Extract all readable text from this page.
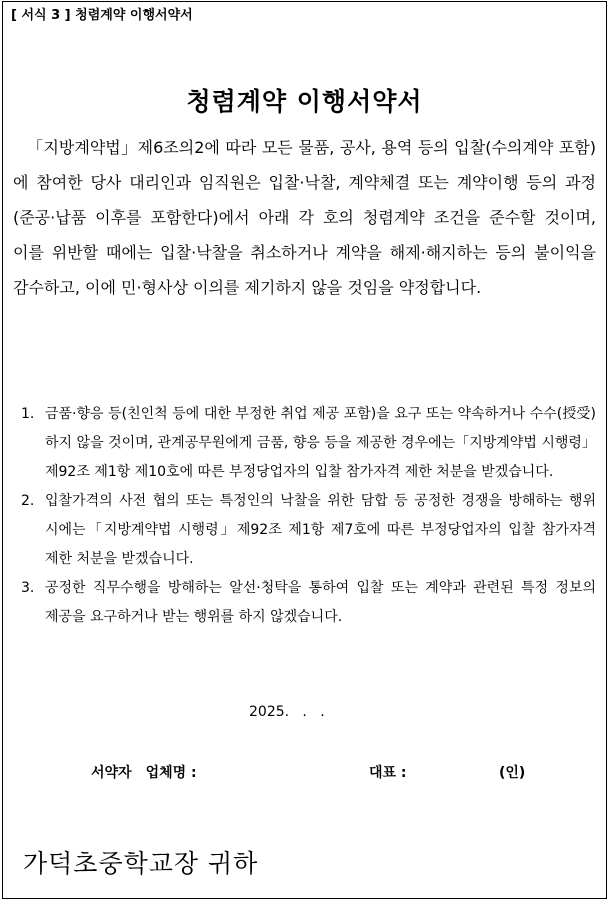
[ 서식 3 ] 청렴계약 이행서약서
청렴계약 이행서약서
「지방계약법」제6조의2에 따라 모든 물품, 공사, 용역 등의 입찰(수의계약 포함)에 참여한 당사 대리인과 임직원은 입찰·낙찰, 계약체결 또는 계약이행 등의 과정(준공·납품 이후를 포함한다)에서 아래 각 호의 청렴계약 조건을 준수할 것이며, 이를 위반할 때에는 입찰·낙찰을 취소하거나 계약을 해제·해지하는 등의 불이익을 감수하고, 이에 민·형사상 이의를 제기하지 않을 것임을 약정합니다.
1. 금품·향응 등(친인척 등에 대한 부정한 취업 제공 포함)을 요구 또는 약속하거나 수수(授受)하지 않을 것이며, 관계공무원에게 금품, 향응 등을 제공한 경우에는「지방계약법 시행령」제92조 제1항 제10호에 따른 부정당업자의 입찰 참가자격 제한 처분을 받겠습니다.
2. 입찰가격의 사전 협의 또는 특정인의 낙찰을 위한 담합 등 공정한 경쟁을 방해하는 행위 시에는「지방계약법 시행령」제92조 제1항 제7호에 따른 부정당업자의 입찰 참가자격 제한 처분을 받겠습니다.
3. 공정한 직무수행을 방해하는 알선·청탁을 통하여 입찰 또는 계약과 관련된 특정 정보의 제공을 요구하거나 받는 행위를 하지 않겠습니다.
2025.   .   .
서약자 업체명 :	대표 :	(인)
가덕초중학교장 귀하
